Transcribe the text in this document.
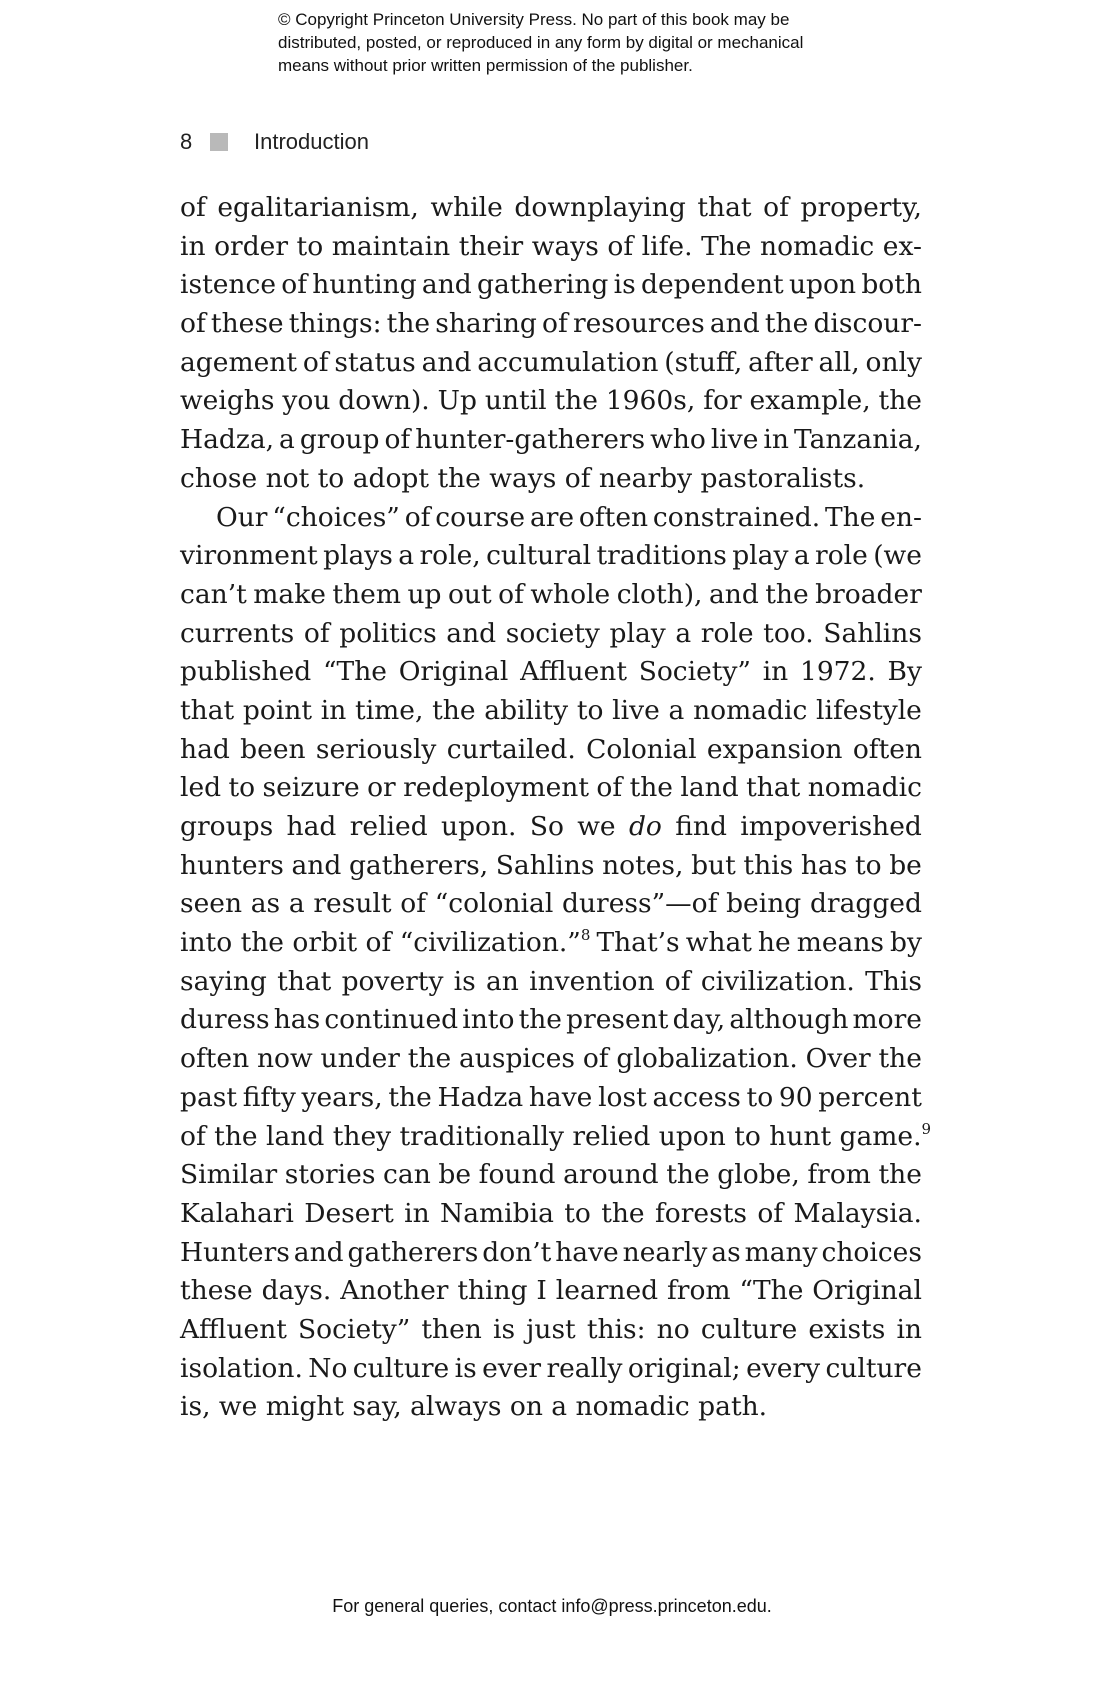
© Copyright Princeton University Press. No part of this book may be
distributed, posted, or reproduced in any form by digital or mechanical
means without prior written permission of the publisher.
8	Introduction
of egalitarianism, while downplaying that of property,
in order to maintain their ways of life. The nomadic ex-
istence of hunting and gathering is dependent upon both
of these things: the sharing of resources and the discour-
agement of status and accumulation (stuff, after all, only
weighs you down). Up until the 1960s, for example, the
Hadza, a group of hunter-gatherers who live in Tanzania,
chose not to adopt the ways of nearby pastoralists.
Our “choices” of course are often constrained. The en-
vironment plays a role, cultural traditions play a role (we
can’t make them up out of whole cloth), and the broader
currents of politics and society play a role too. Sahlins
published “The Original Affluent Society” in 1972. By
that point in time, the ability to live a nomadic lifestyle
had been seriously curtailed. Colonial expansion often
led to seizure or redeployment of the land that nomadic
groups had relied upon. So we do find impoverished
hunters and gatherers, Sahlins notes, but this has to be
seen as a result of “colonial duress”—of being dragged
into the orbit of “civilization.”$^8$ That’s what he means by
saying that poverty is an invention of civilization. This
duress has continued into the present day, although more
often now under the auspices of globalization. Over the
past fifty years, the Hadza have lost access to 90 percent
of the land they traditionally relied upon to hunt game.$^9$
Similar stories can be found around the globe, from the
Kalahari Desert in Namibia to the forests of Malaysia.
Hunters and gatherers don’t have nearly as many choices
these days. Another thing I learned from “The Original
Affluent Society” then is just this: no culture exists in
isolation. No culture is ever really original; every culture
is, we might say, always on a nomadic path.
For general queries, contact info@press.princeton.edu.
